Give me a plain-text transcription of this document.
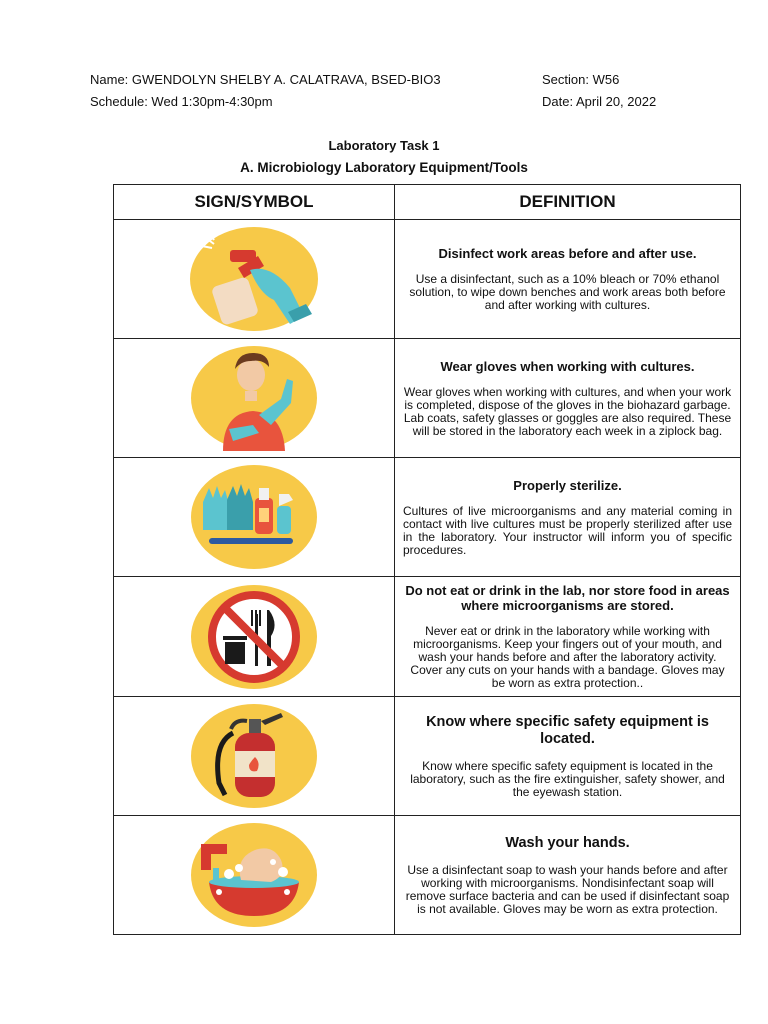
Name: GWENDOLYN SHELBY A. CALATRAVA, BSED-BIO3	Section: W56
Schedule: Wed 1:30pm-4:30pm	Date: April 20, 2022
Laboratory Task 1
A. Microbiology Laboratory Equipment/Tools
SIGN/SYMBOL	DEFINITION

Disinfect work areas before and after use.
Use a disinfectant, such as a 10% bleach or 70% ethanol solution, to wipe down benches and work areas both before and after working with cultures.

Wear gloves when working with cultures.
Wear gloves when working with cultures, and when your work is completed, dispose of the gloves in the biohazard garbage. Lab coats, safety glasses or goggles are also required. These will be stored in the laboratory each week in a ziplock bag.

Properly sterilize.
Cultures of live microorganisms and any material coming in contact with live cultures must be properly sterilized after use in the laboratory. Your instructor will inform you of specific procedures.

Do not eat or drink in the lab, nor store food in areas where microorganisms are stored.
Never eat or drink in the laboratory while working with microorganisms. Keep your fingers out of your mouth, and wash your hands before and after the laboratory activity. Cover any cuts on your hands with a bandage. Gloves may be worn as extra protection..

Know where specific safety equipment is located.
Know where specific safety equipment is located in the laboratory, such as the fire extinguisher, safety shower, and the eyewash station.

Wash your hands.
Use a disinfectant soap to wash your hands before and after working with microorganisms. Nondisinfectant soap will remove surface bacteria and can be used if disinfectant soap is not available. Gloves may be worn as extra protection.
